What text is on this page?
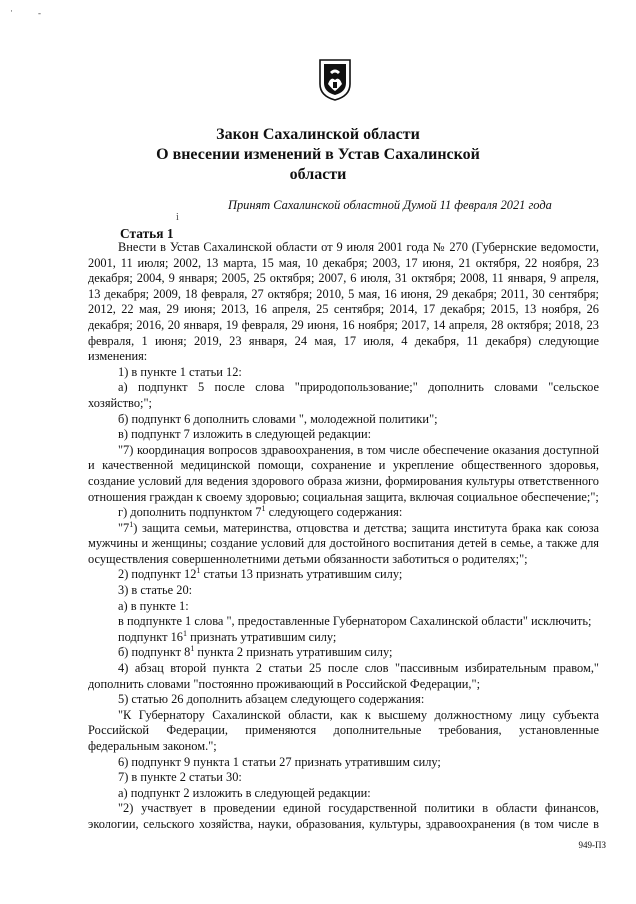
·	-
i
Закон Сахалинской области
О внесении изменений в Устав Сахалинской
области
Принят Сахалинской областной Думой 11 февраля 2021 года
Статья 1

Внести в Устав Сахалинской области от 9 июля 2001 года № 270 (Губернские ведомости, 2001, 11 июля; 2002, 13 марта, 15 мая, 10 декабря; 2003, 17 июня, 21 октября, 22 ноября, 23 декабря; 2004, 9 января; 2005, 25 октября; 2007, 6 июля, 31 октября; 2008, 11 января, 9 апреля, 13 декабря; 2009, 18 февраля, 27 октября; 2010, 5 мая, 16 июня, 29 декабря; 2011, 30 сентября; 2012, 22 мая, 29 июня; 2013, 16 апреля, 25 сентября; 2014, 17 декабря; 2015, 13 ноября, 26 декабря; 2016, 20 января, 19 февраля, 29 июня, 16 ноября; 2017, 14 апреля, 28 октября; 2018, 23 февраля, 1 июня; 2019, 23 января, 24 мая, 17 июля, 4 декабря, 11 декабря) следующие изменения:

1) в пункте 1 статьи 12:

а) подпункт 5 после слова "природопользование;" дополнить словами "сельское хозяйство;";

б) подпункт 6 дополнить словами ", молодежной политики";

в) подпункт 7 изложить в следующей редакции:

"7) координация вопросов здравоохранения, в том числе обеспечение оказания доступной и качественной медицинской помощи, сохранение и укрепление общественного здоровья, создание условий для ведения здорового образа жизни, формирования культуры ответственного отношения граждан к своему здоровью; социальная защита, включая социальное обеспечение;";

г) дополнить подпунктом $7^1$ следующего содержания:

"$7^1$) защита семьи, материнства, отцовства и детства; защита института брака как союза мужчины и женщины; создание условий для достойного воспитания детей в семье, а также для осуществления совершеннолетними детьми обязанности заботиться о родителях;";

2) подпункт $12^1$ статьи 13 признать утратившим силу;

3) в статье 20:

а) в пункте 1:

в подпункте 1 слова ", предоставленные Губернатором Сахалинской области" исключить;

подпункт $16^1$ признать утратившим силу;

б) подпункт $8^1$ пункта 2 признать утратившим силу;

4) абзац второй пункта 2 статьи 25 после слов "пассивным избирательным правом," дополнить словами "постоянно проживающий в Российской Федерации,";

5) статью 26 дополнить абзацем следующего содержания:

"К Губернатору Сахалинской области, как к высшему должностному лицу субъекта Российской Федерации, применяются дополнительные требования, установленные федеральным законом.";

6) подпункт 9 пункта 1 статьи 27 признать утратившим силу;

7) в пункте 2 статьи 30:

а) подпункт 2 изложить в следующей редакции:

"2) участвует в проведении единой государственной политики в области финансов, экологии, сельского хозяйства, науки, образования, культуры, здравоохранения (в том числе в

949-ПЗ
